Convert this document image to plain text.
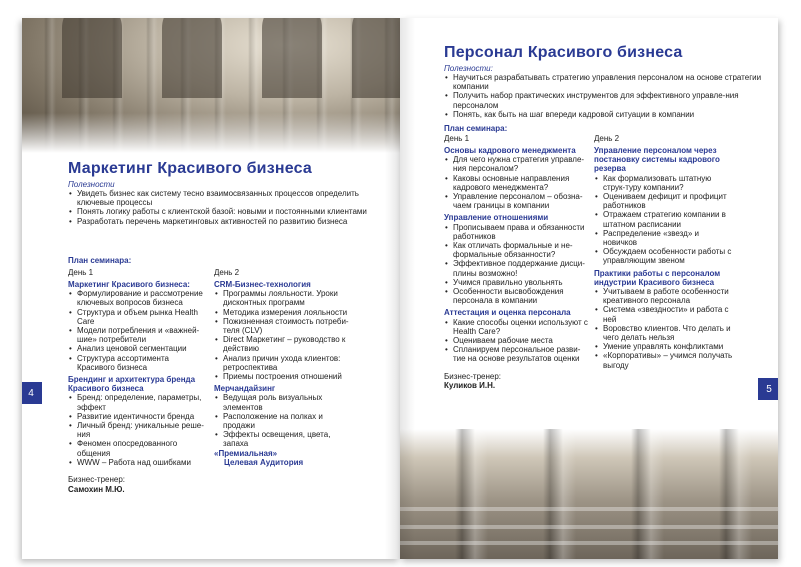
Маркетинг Красивого бизнеса

Полезности

• Увидеть бизнес как систему тесно взаимосвязанных процессов определить ключевые процессы
• Понять логику работы с клиентской базой: новыми и постоянными клиентами
• Разработать перечень маркетинговых активностей по развитию бизнеса

План семинара:

День 1	День 2

Маркетинг Красивого бизнеса:

• Формулирование и рассмотрение ключевых вопросов бизнеса
• Структура и объем рынка Health Care
• Модели потребления и «важней-шие» потребители
• Анализ ценовой сегментации
• Структура ассортимента Красивого бизнеса

Брендинг и архитектура бренда Красивого бизнеса

• Бренд: определение, параметры, эффект
• Развитие идентичности бренда
• Личный бренд: уникальные реше-ния
• Феномен опосредованного общения
• WWW – Работа над ошибками
Бизнес-тренер:
Самохин М.Ю.

CRM-Бизнес-технология

• Программы лояльности. Уроки дисконтных программ
• Методика измерения лояльности
• Пожизненная стоимость потреби-теля (CLV)
• Direct Маркетинг – руководство к действию
• Анализ причин ухода клиентов: ретроспектива
• Приемы построения отношений

Мерчандайзинг

• Ведущая роль визуальных элементов
• Расположение на полках и продажи
• Эффекты освещения, цвета, запаха

«Премиальная»

Целевая Аудитория

4
Персонал Красивого бизнеса

Полезности:

• Научиться разрабатывать стратегию управления персоналом на основе стратегии компании
• Получить набор практических инструментов для эффективного управле-ния персоналом
• Понять, как быть на шаг впереди кадровой ситуации в компании

План семинара:

День 1	День 2

Основы кадрового менеджмента

• Для чего нужна стратегия управле-ния персоналом?
• Каковы основные направления кадрового менеджмента?
• Управление персоналом – обозна-чаем границы в компании

Управление отношениями

• Прописываем права и обязанности работников
• Как отличать формальные и не-формальные обязанности?
• Эффективное поддержание дисци-плины возможно!
• Учимся правильно увольнять
• Особенности высвобождения персонала в компании

Аттестация и оценка персонала

• Какие способы оценки используют с Health Care?
• Оцениваем рабочие места
• Спланируем персональное разви-тие на основе результатов оценки
Бизнес-тренер:
Куликов И.Н.

Управление персоналом через постановку системы кадрового резерва

• Как формализовать штатную струк-туру компании?
• Оцениваем дефицит и профицит работников
• Отражаем стратегию компании в штатном расписании
• Распределение «звезд» и новичков
• Обсуждаем особенности работы с управляющим звеном

Практики работы с персоналом индустрии Красивого бизнеса

• Учитываем в работе особенности креативного персонала
• Система «звездности» и работа с ней
• Воровство клиентов. Что делать и чего делать нельзя
• Умение управлять конфликтами
• «Корпоративы» – учимся получать выгоду
5
